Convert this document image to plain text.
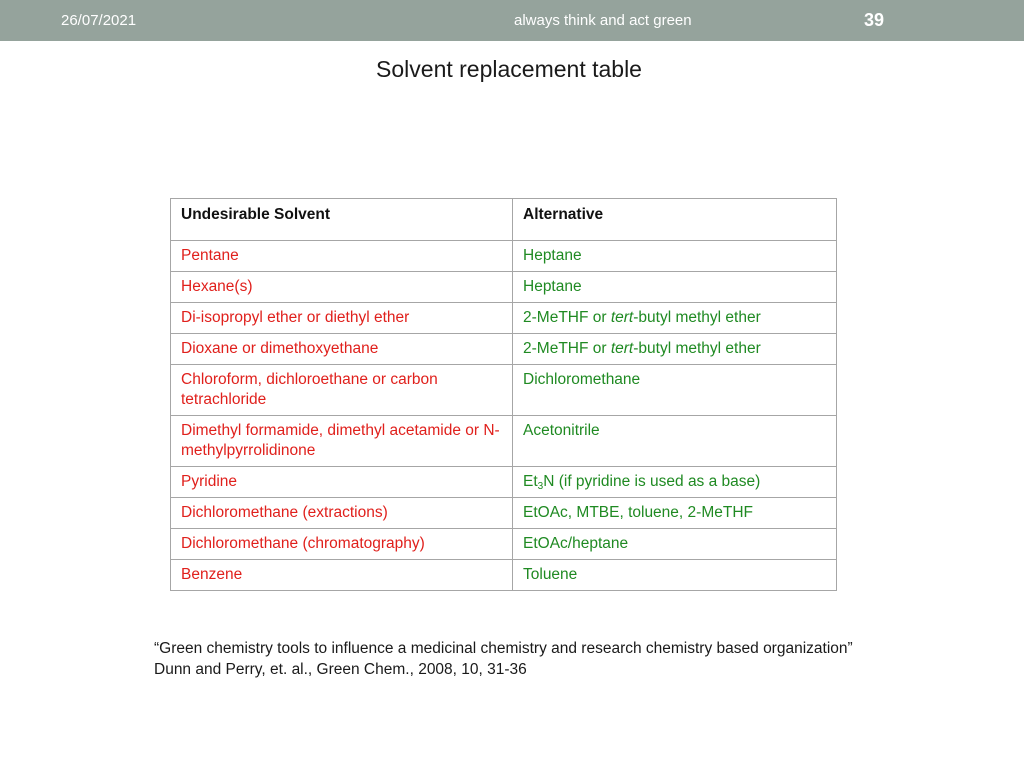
26/07/2021	always think and act green	39
Solvent replacement table
Undesirable Solvent	Alternative
Pentane	Heptane
Hexane(s)	Heptane
Di-isopropyl ether or diethyl ether	2-MeTHF or tert-butyl methyl ether
Dioxane or dimethoxyethane	2-MeTHF or tert-butyl methyl ether
Chloroform, dichloroethane or carbon tetrachloride	Dichloromethane
Dimethyl formamide, dimethyl acetamide or N-methylpyrrolidinone	Acetonitrile
Pyridine	$Et_3N$ (if pyridine is used as a base)
Dichloromethane (extractions)	EtOAc, MTBE, toluene, 2-MeTHF
Dichloromethane (chromatography)	EtOAc/heptane
Benzene	Toluene
“Green chemistry tools to influence a medicinal chemistry and research chemistry based organization”
Dunn and Perry, et. al., Green Chem., 2008, 10, 31-36
